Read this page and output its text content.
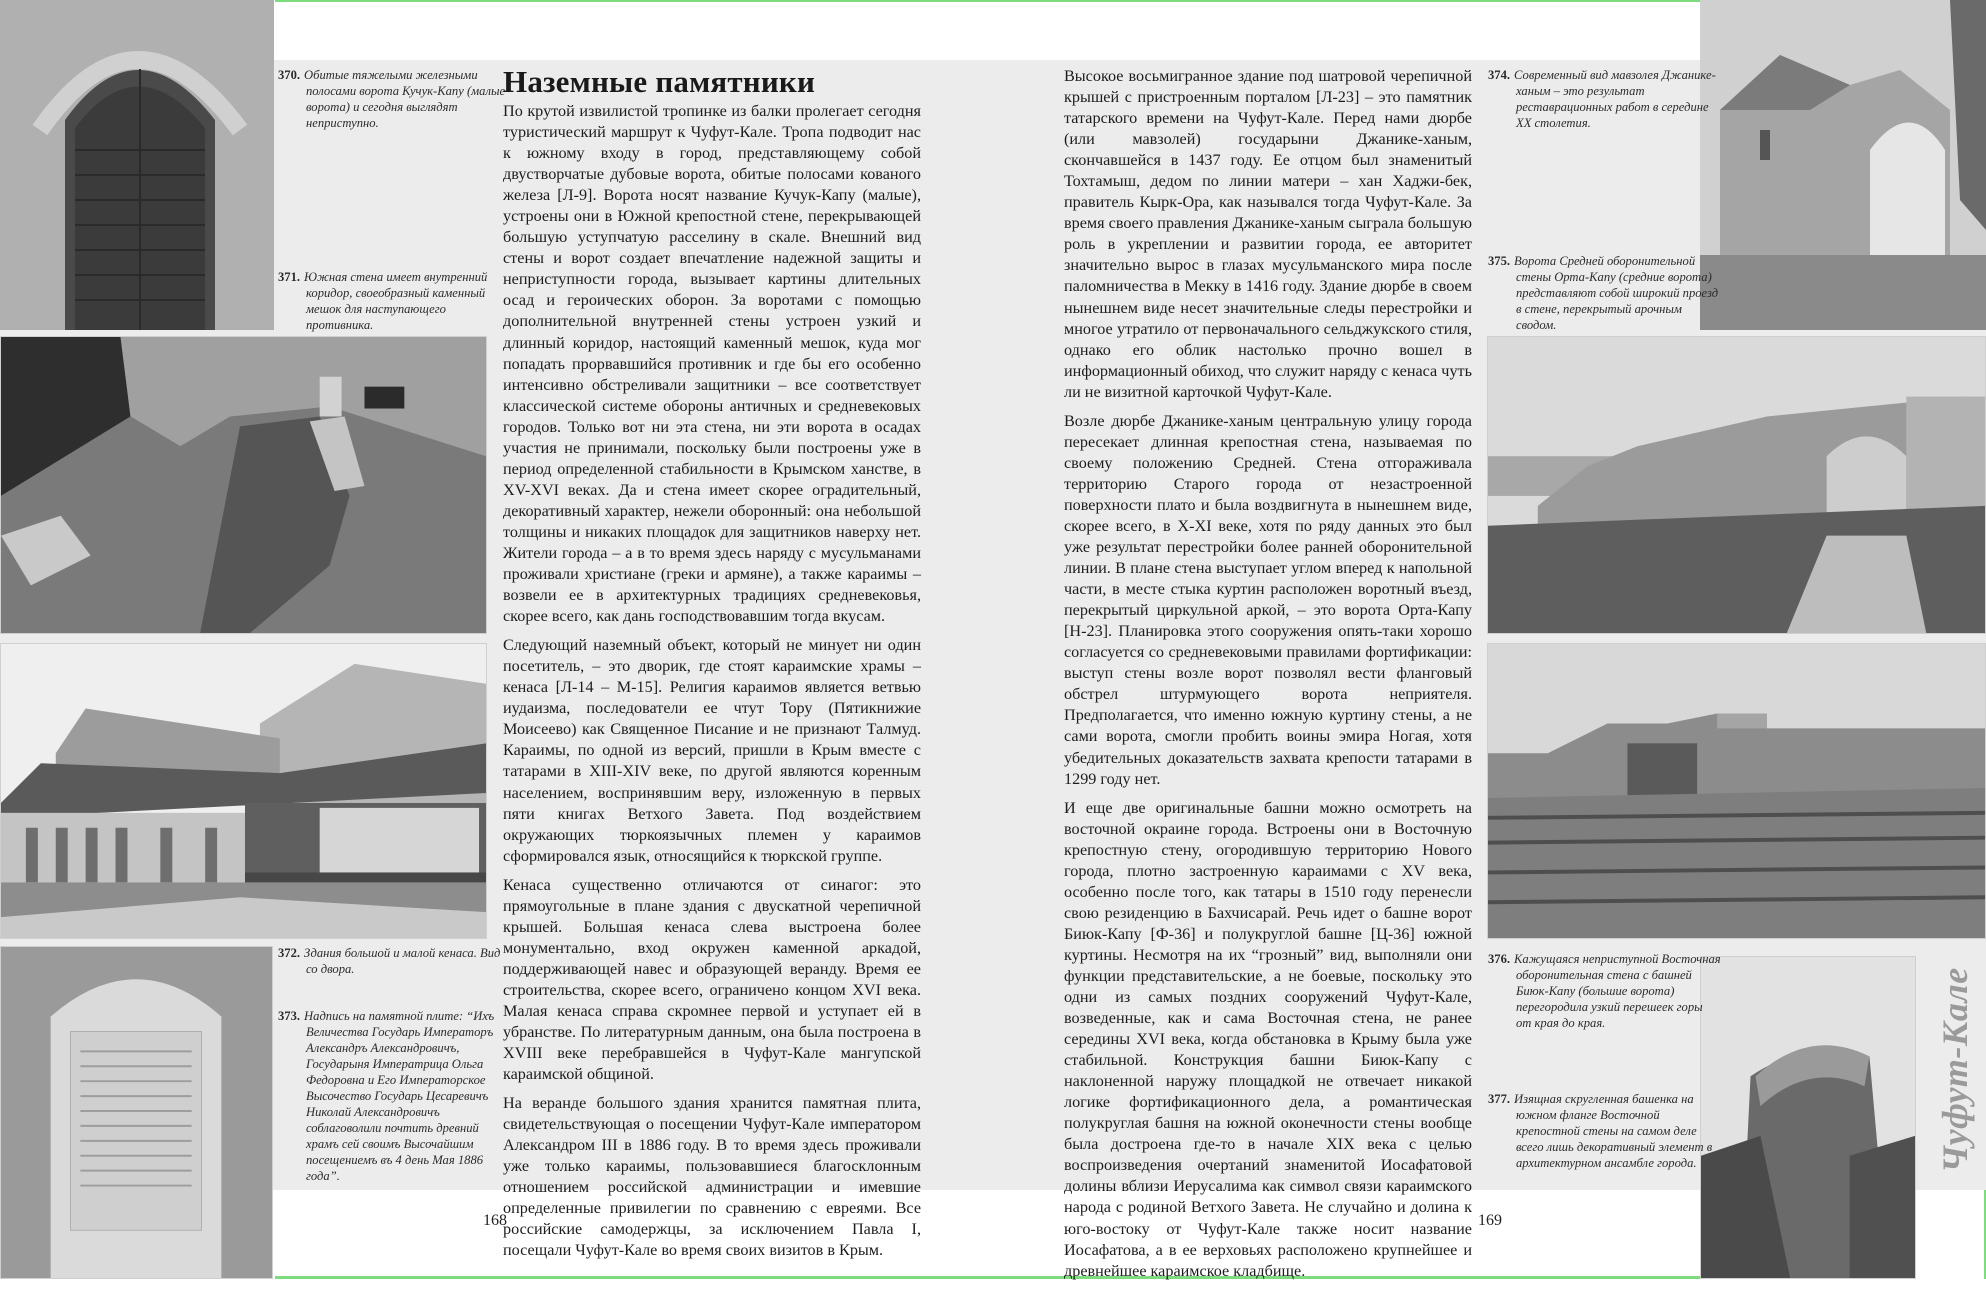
370. Обитые тяжелыми железными полосами ворота Кучук-Капу (малые ворота) и сегодня выглядят неприступно.
371. Южная стена имеет внутренний коридор, своеобразный каменный мешок для наступающего противника.
372. Здания большой и малой кенаса. Вид со двора.
373. Надпись на памятной плите: “Ихъ Величества Государь Императоръ Александръ Александровичъ, Государыня Императрица Ольга Федоровна и Его Императорское Высочество Государь Цесаревичъ Николай Александровичъ соблаговолили почтить древний храмъ сей своимъ Высочайшим посещениемъ въ 4 день Мая 1886 года”.
Наземные памятники

По крутой извилистой тропинке из балки пролегает сегодня туристический маршрут к Чуфут-Кале. Тропа подводит нас к южному входу в город, представляющему собой двустворчатые дубовые ворота, обитые полосами кованого железа [Л-9]. Ворота носят название Кучук-Капу (малые), устроены они в Южной крепостной стене, перекрывающей большую уступчатую расселину в скале. Внешний вид стены и ворот создает впечатление надежной защиты и неприступности города, вызывает картины длительных осад и героических оборон. За воротами с помощью дополнительной внутренней стены устроен узкий и длинный коридор, настоящий каменный мешок, куда мог попадать прорвавшийся противник и где бы его особенно интенсивно обстреливали защитники – все соответствует классической системе обороны античных и средневековых городов. Только вот ни эта стена, ни эти ворота в осадах участия не принимали, поскольку были построены уже в период определенной стабильности в Крымском ханстве, в XV-XVI веках. Да и стена имеет скорее оградительный, декоративный характер, нежели оборонный: она небольшой толщины и никаких площадок для защитников наверху нет. Жители города – а в то время здесь наряду с мусульманами проживали христиане (греки и армяне), а также караимы – возвели ее в архитектурных традициях средневековья, скорее всего, как дань господствовавшим тогда вкусам.

Следующий наземный объект, который не минует ни один посетитель, – это дворик, где стоят караимские храмы – кенаса [Л-14 – М-15]. Религия караимов является ветвью иудаизма, последователи ее чтут Тору (Пятикнижие Моисеево) как Священное Писание и не признают Талмуд. Караимы, по одной из версий, пришли в Крым вместе с татарами в XIII-XIV веке, по другой являются коренным населением, воспринявшим веру, изложенную в первых пяти книгах Ветхого Завета. Под воздействием окружающих тюркоязычных племен у караимов сформировался язык, относящийся к тюркской группе.

Кенаса существенно отличаются от синагог: это прямоугольные в плане здания с двускатной черепичной крышей. Большая кенаса слева выстроена более монументально, вход окружен каменной аркадой, поддерживающей навес и образующей веранду. Время ее строительства, скорее всего, ограничено концом XVI века. Малая кенаса справа скромнее первой и уступает ей в убранстве. По литературным данным, она была построена в XVIII веке перебравшейся в Чуфут-Кале мангупской караимской общиной.

На веранде большого здания хранится памятная плита, свидетельствующая о посещении Чуфут-Кале императором Александром III в 1886 году. В то время здесь проживали уже только караимы, пользовавшиеся благосклонным отношением российской администрации и имевшие определенные привилегии по сравнению с евреями. Все российские самодержцы, за исключением Павла I, посещали Чуфут-Кале во время своих визитов в Крым.

168

Высокое восьмигранное здание под шатровой черепичной крышей с пристроенным порталом [Л-23] – это памятник татарского времени на Чуфут-Кале. Перед нами дюрбе (или мавзолей) государыни Джанике-ханым, скончавшейся в 1437 году. Ее отцом был знаменитый Тохтамыш, дедом по линии матери – хан Хаджи-бек, правитель Кырк-Ора, как назывался тогда Чуфут-Кале. За время своего правления Джанике-ханым сыграла большую роль в укреплении и развитии города, ее авторитет значительно вырос в глазах мусульманского мира после паломничества в Мекку в 1416 году. Здание дюрбе в своем нынешнем виде несет значительные следы перестройки и многое утратило от первоначального сельджукского стиля, однако его облик настолько прочно вошел в информационный обиход, что служит наряду с кенаса чуть ли не визитной карточкой Чуфут-Кале.

Возле дюрбе Джанике-ханым центральную улицу города пересекает длинная крепостная стена, называемая по своему положению Средней. Стена отгораживала территорию Старого города от незастроенной поверхности плато и была воздвигнута в нынешнем виде, скорее всего, в X-XI веке, хотя по ряду данных это был уже результат перестройки более ранней оборонительной линии. В плане стена выступает углом вперед к напольной части, в месте стыка куртин расположен воротный въезд, перекрытый циркульной аркой, – это ворота Орта-Капу [Н-23]. Планировка этого сооружения опять-таки хорошо согласуется со средневековыми правилами фортификации: выступ стены возле ворот позволял вести фланговый обстрел штурмующего ворота неприятеля. Предполагается, что именно южную куртину стены, а не сами ворота, смогли пробить воины эмира Ногая, хотя убедительных доказательств захвата крепости татарами в 1299 году нет.

И еще две оригинальные башни можно осмотреть на восточной окраине города. Встроены они в Восточную крепостную стену, огородившую территорию Нового города, плотно застроенную караимами с XV века, особенно после того, как татары в 1510 году перенесли свою резиденцию в Бахчисарай. Речь идет о башне ворот Биюк-Капу [Ф-36] и полукруглой башне [Ц-36] южной куртины. Несмотря на их “грозный” вид, выполняли они функции представительские, а не боевые, поскольку это одни из самых поздних сооружений Чуфут-Кале, возведенные, как и сама Восточная стена, не ранее середины XVI века, когда обстановка в Крыму была уже стабильной. Конструкция башни Биюк-Капу с наклоненной наружу площадкой не отвечает никакой логике фортификационного дела, а романтическая полукруглая башня на южной оконечности стены вообще была достроена где-то в начале XIX века с целью воспроизведения очертаний знаменитой Иосафатовой долины вблизи Иерусалима как символ связи караимского народа с родиной Ветхого Завета. Не случайно и долина к юго-востоку от Чуфут-Кале также носит название Иосафатова, а в ее верховьях расположено крупнейшее и древнейшее караимское кладбище.

374. Современный вид мавзолея Джанике-ханым – это результат реставрационных работ в середине XX столетия.
375. Ворота Средней оборонительной стены Орта-Капу (средние ворота) представляют собой широкий проезд в стене, перекрытый арочным сводом.
376. Кажущаяся неприступной Восточная оборонительная стена с башней Биюк-Капу (большие ворота) перегородила узкий перешеек горы от края до края.
377. Изящная скругленная башенка на южном фланге Восточной крепостной стены на самом деле всего лишь декоративный элемент в архитектурном ансамбле города.	Чуфут-Кале
169
